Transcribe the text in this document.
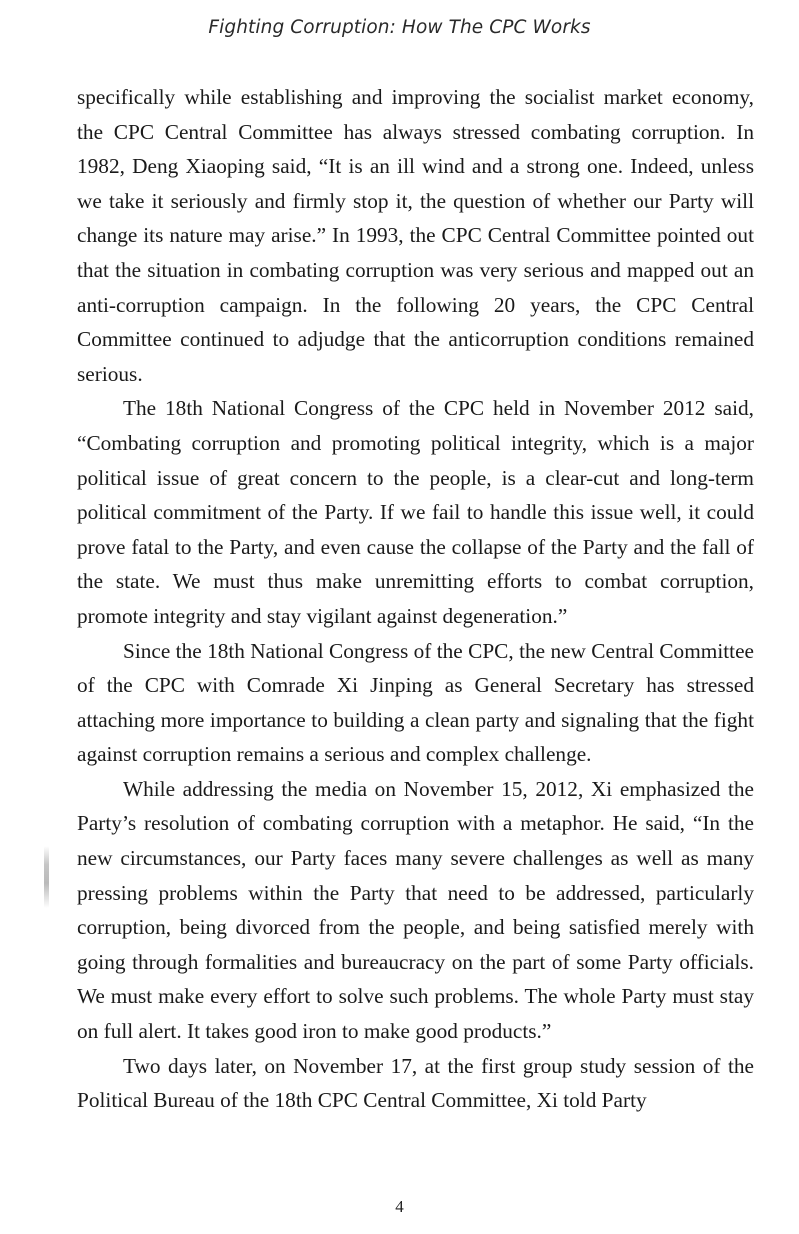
Fighting Corruption: How The CPC Works

specifically while establishing and improving the socialist market economy, the CPC Central Committee has always stressed combating corruption. In 1982, Deng Xiaoping said, “It is an ill wind and a strong one. Indeed, unless we take it seriously and firmly stop it, the question of whether our Party will change its nature may arise.” In 1993, the CPC Central Committee pointed out that the situation in combating corruption was very serious and mapped out an anti-corruption campaign. In the following 20 years, the CPC Central Committee continued to adjudge that the anticorruption conditions remained serious.

The 18th National Congress of the CPC held in November 2012 said, “Combating corruption and promoting political integrity, which is a major political issue of great concern to the people, is a clear-cut and long-term political commitment of the Party. If we fail to handle this issue well, it could prove fatal to the Party, and even cause the collapse of the Party and the fall of the state. We must thus make unremitting efforts to combat corruption, promote integrity and stay vigilant against degeneration.”

Since the 18th National Congress of the CPC, the new Central Committee of the CPC with Comrade Xi Jinping as General Secretary has stressed attaching more importance to building a clean party and signaling that the fight against corruption remains a serious and complex challenge.

While addressing the media on November 15, 2012, Xi emphasized the Party’s resolution of combating corruption with a metaphor. He said, “In the new circumstances, our Party faces many severe challenges as well as many pressing problems within the Party that need to be addressed, particularly corruption, being divorced from the people, and being satisfied merely with going through formalities and bureaucracy on the part of some Party officials. We must make every effort to solve such problems. The whole Party must stay on full alert. It takes good iron to make good products.”

Two days later, on November 17, at the first group study session of the Political Bureau of the 18th CPC Central Committee, Xi told Party

4
